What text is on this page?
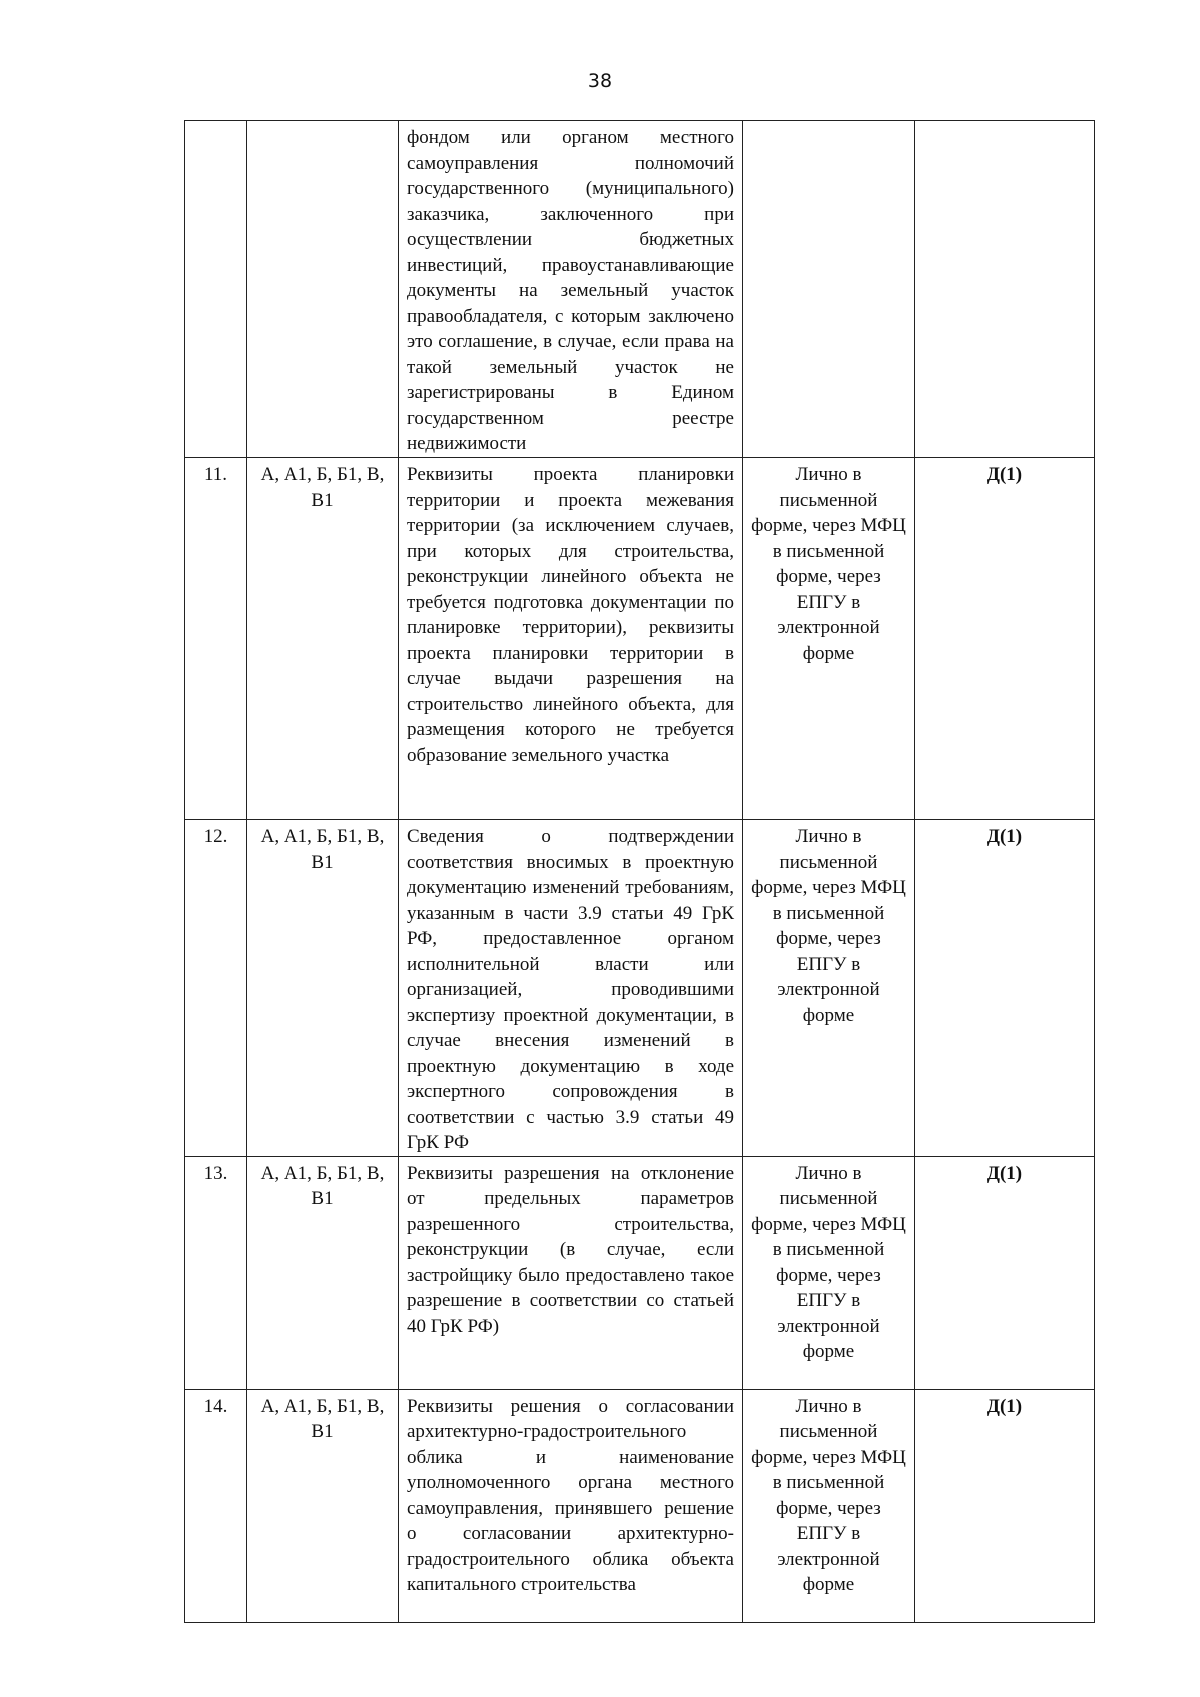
38
		фондом или органом местного самоуправления полномочий государственного (муниципального) заказчика, заключенного при осуществлении бюджетных инвестиций, правоустанавливающие документы на земельный участок правообладателя, с которым заключено это соглашение, в случае, если права на такой земельный участок не зарегистрированы в Едином государственном реестре недвижимости		
11.	А, А1, Б, Б1, В, В1	Реквизиты проекта планировки территории и проекта межевания территории (за исключением случаев, при которых для строительства, реконструкции линейного объекта не требуется подготовка документации по планировке территории), реквизиты проекта планировки территории в случае выдачи разрешения на строительство линейного объекта, для размещения которого не требуется образование земельного участка	Лично в письменной форме, через МФЦ в письменной форме, через ЕПГУ в электронной форме	Д(1)
12.	А, А1, Б, Б1, В, В1	Сведения о подтверждении соответствия вносимых в проектную документацию изменений требованиям, указанным в части 3.9 статьи 49 ГрК РФ, предоставленное органом исполнительной власти или организацией, проводившими экспертизу проектной документации, в случае внесения изменений в проектную документацию в ходе экспертного сопровождения в соответствии с частью 3.9 статьи 49 ГрК РФ	Лично в письменной форме, через МФЦ в письменной форме, через ЕПГУ в электронной форме	Д(1)
13.	А, А1, Б, Б1, В, В1	Реквизиты разрешения на отклонение от предельных параметров разрешенного строительства, реконструкции (в случае, если застройщику было предоставлено такое разрешение в соответствии со статьей 40 ГрК РФ)	Лично в письменной форме, через МФЦ в письменной форме, через ЕПГУ в электронной форме	Д(1)
14.	А, А1, Б, Б1, В, В1	Реквизиты решения о согласовании архитектурно-градостроительного облика и наименование уполномоченного органа местного самоуправления, принявшего решение о согласовании архитектурно-градостроительного облика объекта капитального строительства	Лично в письменной форме, через МФЦ в письменной форме, через ЕПГУ в электронной форме	Д(1)
